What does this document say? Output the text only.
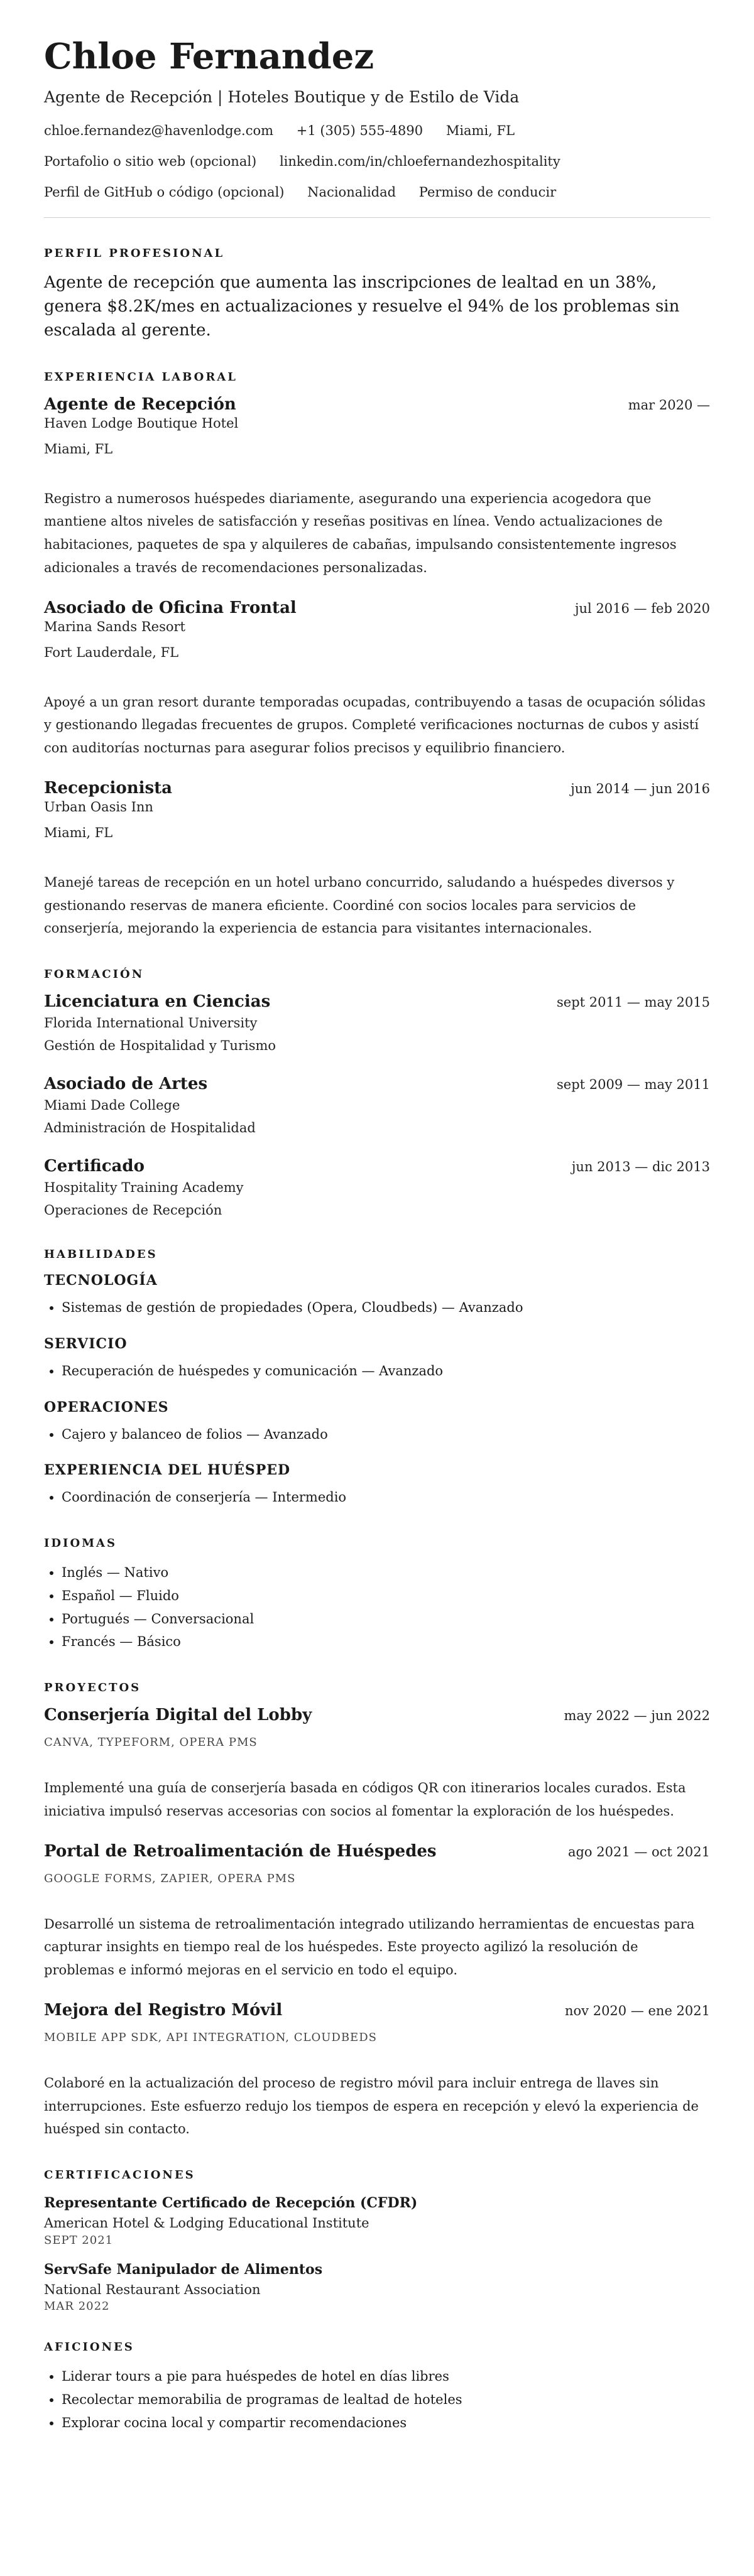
Chloe Fernandez
Agente de Recepción | Hoteles Boutique y de Estilo de Vida
chloe.fernandez@havenlodge.com +1 (305) 555-4890 Miami, FL
Portafolio o sitio web (opcional) linkedin.com/in/chloefernandezhospitality
Perfil de GitHub o código (opcional) Nacionalidad Permiso de conducir
PERFIL PROFESIONAL

Agente de recepción que aumenta las inscripciones de lealtad en un 38%, genera $8.2K/mes en actualizaciones y resuelve el 94% de los problemas sin escalada al gerente.

EXPERIENCIA LABORAL
Agente de Recepción	mar 2020 —
Haven Lodge Boutique Hotel
Miami, FL

Registro a numerosos huéspedes diariamente, asegurando una experiencia acogedora que mantiene altos niveles de satisfacción y reseñas positivas en línea. Vendo actualizaciones de habitaciones, paquetes de spa y alquileres de cabañas, impulsando consistentemente ingresos adicionales a través de recomendaciones personalizadas.

Asociado de Oficina Frontal	jul 2016 — feb 2020
Marina Sands Resort
Fort Lauderdale, FL

Apoyé a un gran resort durante temporadas ocupadas, contribuyendo a tasas de ocupación sólidas y gestionando llegadas frecuentes de grupos. Completé verificaciones nocturnas de cubos y asistí con auditorías nocturnas para asegurar folios precisos y equilibrio financiero.

Recepcionista	jun 2014 — jun 2016
Urban Oasis Inn
Miami, FL

Manejé tareas de recepción en un hotel urbano concurrido, saludando a huéspedes diversos y gestionando reservas de manera eficiente. Coordiné con socios locales para servicios de conserjería, mejorando la experiencia de estancia para visitantes internacionales.

FORMACIÓN
Licenciatura en Ciencias	sept 2011 — may 2015
Florida International University
Gestión de Hospitalidad y Turismo
Asociado de Artes	sept 2009 — may 2011
Miami Dade College
Administración de Hospitalidad
Certificado	jun 2013 — dic 2013
Hospitality Training Academy
Operaciones de Recepción
HABILIDADES
TECNOLOGÍA
• Sistemas de gestión de propiedades (Opera, Cloudbeds) — Avanzado
SERVICIO
• Recuperación de huéspedes y comunicación — Avanzado
OPERACIONES
• Cajero y balanceo de folios — Avanzado
EXPERIENCIA DEL HUÉSPED
• Coordinación de conserjería — Intermedio
IDIOMAS
• Inglés — Nativo
• Español — Fluido
• Portugués — Conversacional
• Francés — Básico
PROYECTOS
Conserjería Digital del Lobby	may 2022 — jun 2022
CANVA, TYPEFORM, OPERA PMS

Implementé una guía de conserjería basada en códigos QR con itinerarios locales curados. Esta iniciativa impulsó reservas accesorias con socios al fomentar la exploración de los huéspedes.

Portal de Retroalimentación de Huéspedes	ago 2021 — oct 2021
GOOGLE FORMS, ZAPIER, OPERA PMS

Desarrollé un sistema de retroalimentación integrado utilizando herramientas de encuestas para capturar insights en tiempo real de los huéspedes. Este proyecto agilizó la resolución de problemas e informó mejoras en el servicio en todo el equipo.

Mejora del Registro Móvil	nov 2020 — ene 2021
MOBILE APP SDK, API INTEGRATION, CLOUDBEDS

Colaboré en la actualización del proceso de registro móvil para incluir entrega de llaves sin interrupciones. Este esfuerzo redujo los tiempos de espera en recepción y elevó la experiencia de huésped sin contacto.

CERTIFICACIONES
Representante Certificado de Recepción (CFDR)
American Hotel & Lodging Educational Institute
SEPT 2021
ServSafe Manipulador de Alimentos
National Restaurant Association
MAR 2022
AFICIONES
• Liderar tours a pie para huéspedes de hotel en días libres
• Recolectar memorabilia de programas de lealtad de hoteles
• Explorar cocina local y compartir recomendaciones
